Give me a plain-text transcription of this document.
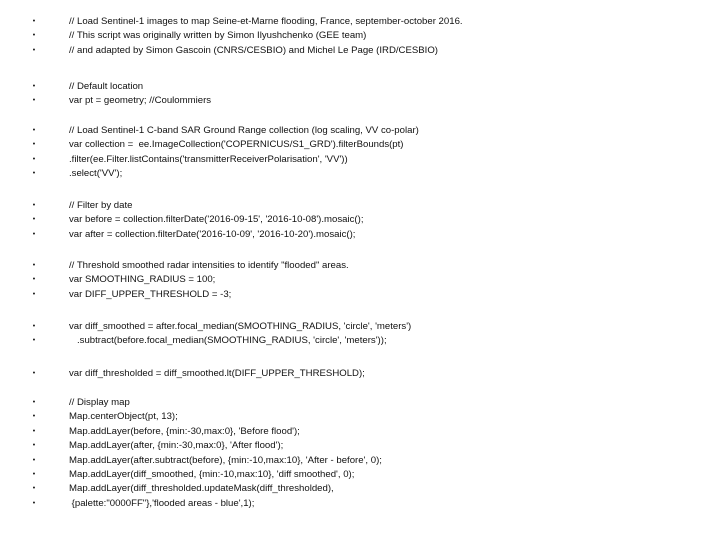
•	// Load Sentinel-1 images to map Seine-et-Marne flooding, France, september-october 2016.
•	// This script was originally written by Simon Ilyushchenko (GEE team)
•	// and adapted by Simon Gascoin (CNRS/CESBIO) and Michel Le Page (IRD/CESBIO)
•	// Default location
•	var pt = geometry; //Coulommiers
•	// Load Sentinel-1 C-band SAR Ground Range collection (log scaling, VV co-polar)
•	var collection =  ee.ImageCollection('COPERNICUS/S1_GRD').filterBounds(pt)
•	.filter(ee.Filter.listContains('transmitterReceiverPolarisation', 'VV'))
•	.select('VV');
•	// Filter by date
•	var before = collection.filterDate('2016-09-15', '2016-10-08').mosaic();
•	var after = collection.filterDate('2016-10-09', '2016-10-20').mosaic();
•	// Threshold smoothed radar intensities to identify "flooded" areas.
•	var SMOOTHING_RADIUS = 100;
•	var DIFF_UPPER_THRESHOLD = -3;
•	var diff_smoothed = after.focal_median(SMOOTHING_RADIUS, 'circle', 'meters')
•	.subtract(before.focal_median(SMOOTHING_RADIUS, 'circle', 'meters'));
•	var diff_thresholded = diff_smoothed.lt(DIFF_UPPER_THRESHOLD);
•	// Display map
•	Map.centerObject(pt, 13);
•	Map.addLayer(before, {min:-30,max:0}, 'Before flood');
•	Map.addLayer(after, {min:-30,max:0}, 'After flood');
•	Map.addLayer(after.subtract(before), {min:-10,max:10}, 'After - before', 0);
•	Map.addLayer(diff_smoothed, {min:-10,max:10}, 'diff smoothed', 0);
•	Map.addLayer(diff_thresholded.updateMask(diff_thresholded),
•	{palette:"0000FF"},'flooded areas - blue',1);
